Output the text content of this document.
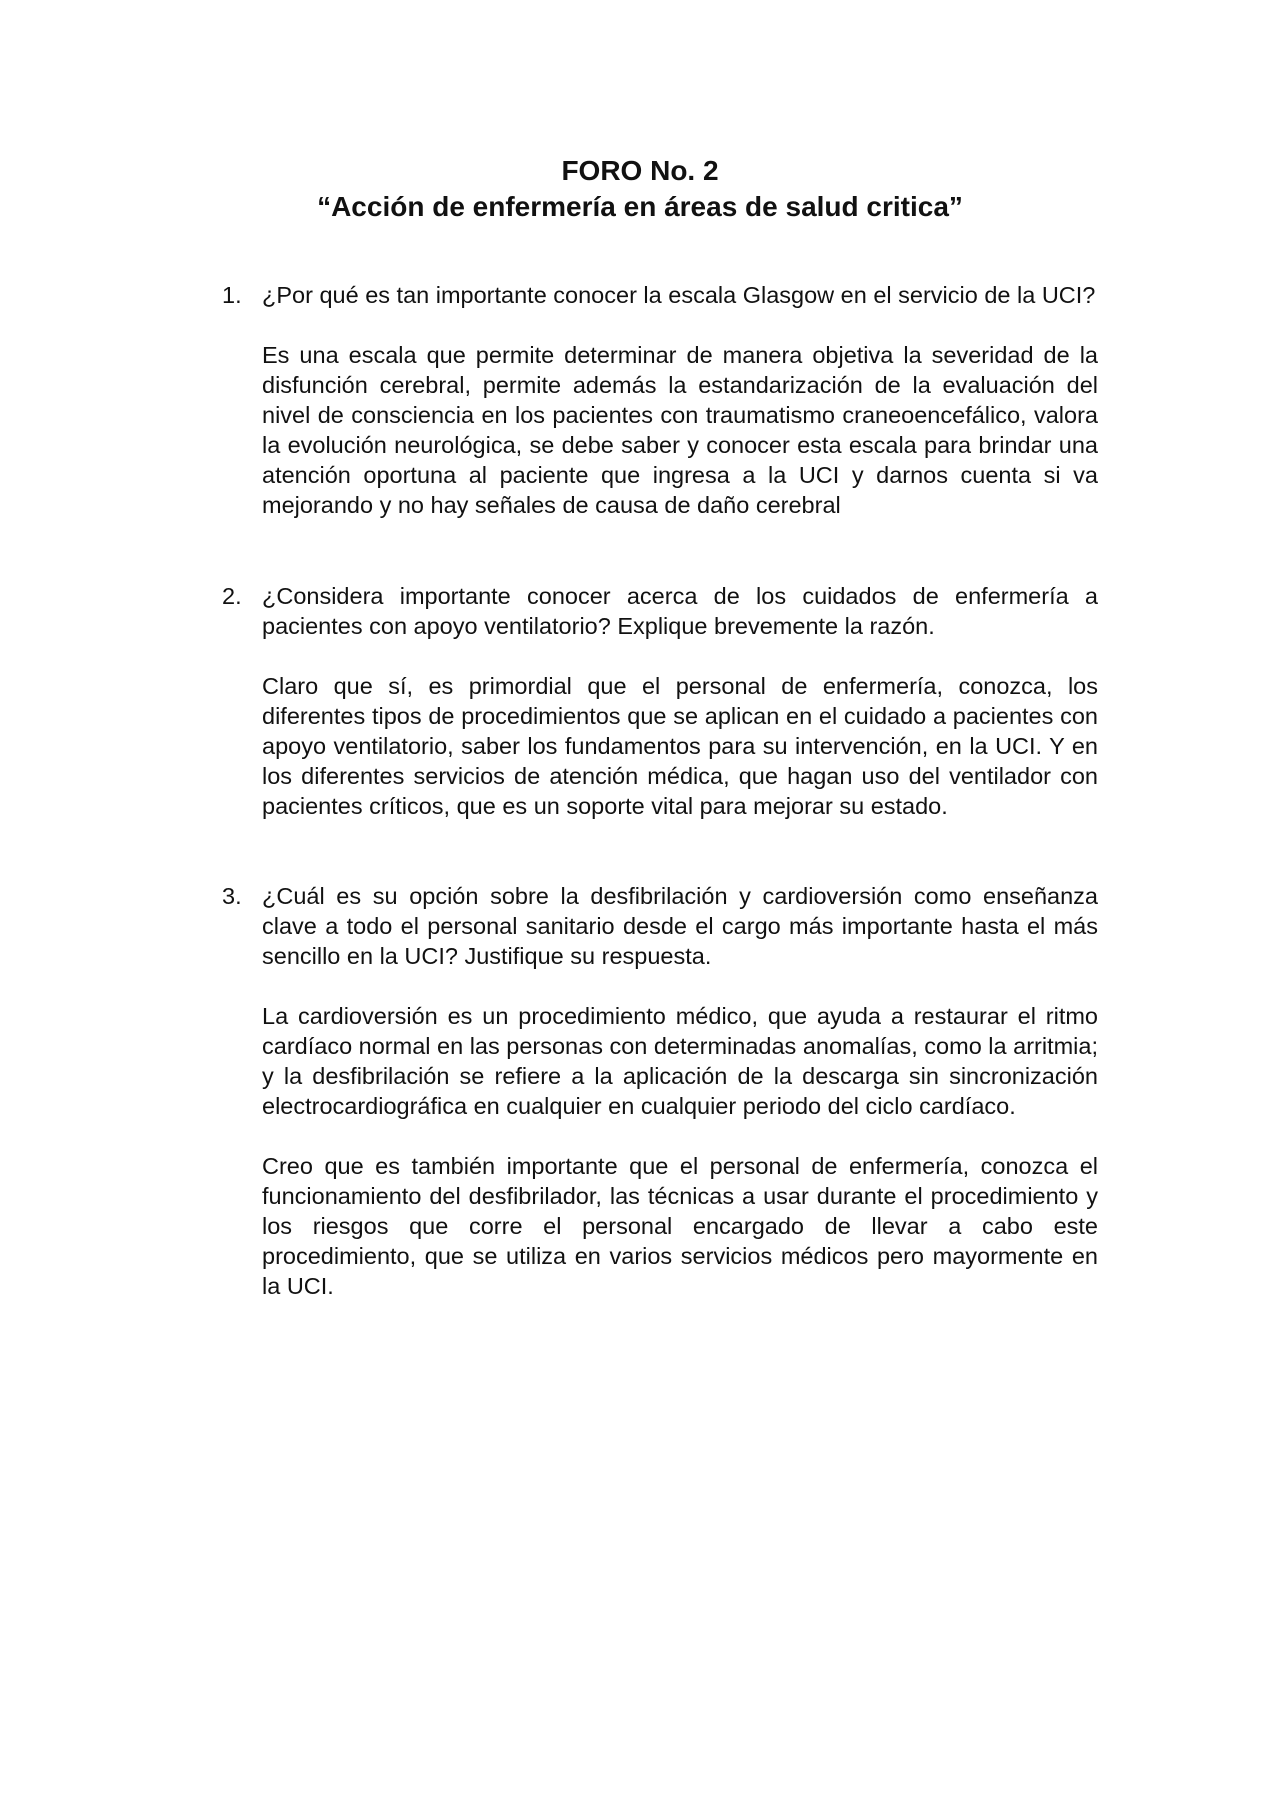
FORO No. 2
“Acción de enfermería en áreas de salud critica”
1. ¿Por qué es tan importante conocer la escala Glasgow en el servicio de la UCI?

Es una escala que permite determinar de manera objetiva la severidad de la disfunción cerebral, permite además la estandarización de la evaluación del nivel de consciencia en los pacientes con traumatismo craneoencefálico, valora la evolución neurológica, se debe saber y conocer esta escala para brindar una atención oportuna al paciente que ingresa a la UCI y darnos cuenta si va mejorando y no hay señales de causa de daño cerebral

2. ¿Considera importante conocer acerca de los cuidados de enfermería a pacientes con apoyo ventilatorio? Explique brevemente la razón.

Claro que sí, es primordial que el personal de enfermería, conozca, los diferentes tipos de procedimientos que se aplican en el cuidado a pacientes con apoyo ventilatorio, saber los fundamentos para su intervención, en la UCI. Y en los diferentes servicios de atención médica, que hagan uso del ventilador con pacientes críticos, que es un soporte vital para mejorar su estado.

3. ¿Cuál es su opción sobre la desfibrilación y cardioversión como enseñanza clave a todo el personal sanitario desde el cargo más importante hasta el más sencillo en la UCI? Justifique su respuesta.

La cardioversión es un procedimiento médico, que ayuda a restaurar el ritmo cardíaco normal en las personas con determinadas anomalías, como la arritmia; y la desfibrilación se refiere a la aplicación de la descarga sin sincronización electrocardiográfica en cualquier en cualquier periodo del ciclo cardíaco.

Creo que es también importante que el personal de enfermería, conozca el funcionamiento del desfibrilador, las técnicas a usar durante el procedimiento y los riesgos que corre el personal encargado de llevar a cabo este procedimiento, que se utiliza en varios servicios médicos pero mayormente en la UCI.
